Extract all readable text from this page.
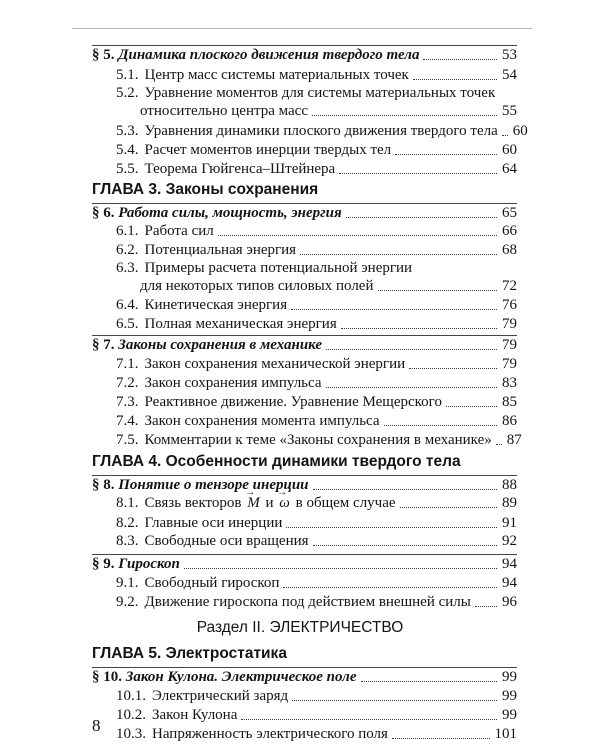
§ 5. Динамика плоского движения твердого тела	53
5.1. Центр масс системы материальных точек	54
5.2. Уравнение моментов для системы материальных точек
относительно центра масс	55
5.3. Уравнения динамики плоского движения твердого тела 60
5.4. Расчет моментов инерции твердых тел	60
5.5. Теорема Гюйгенса–Штейнера	64
ГЛАВА 3. Законы сохранения
§ 6. Работа силы, мощность, энергия	65
6.1. Работа сил	66
6.2. Потенциальная энергия	68
6.3. Примеры расчета потенциальной энергии
для некоторых типов силовых полей	72
6.4. Кинетическая энергия	76
6.5. Полная механическая энергия	79
§ 7. Законы сохранения в механике	79
7.1. Закон сохранения механической энергии	79
7.2. Закон сохранения импульса	83
7.3. Реактивное движение. Уравнение Мещерского	85
7.4. Закон сохранения момента импульса	86
7.5. Комментарии к теме «Законы сохранения в механике» 87
ГЛАВА 4. Особенности динамики твердого тела
§ 8. Понятие о тензоре инерции	88
8.1. Связь векторов → M и → ω в общем случае	89
8.2. Главные оси инерции	91
8.3. Свободные оси вращения	92
§ 9. Гироскоп	94
9.1. Свободный гироскоп	94
9.2. Движение гироскопа под действием внешней силы 96
Раздел II. ЭЛЕКТРИЧЕСТВО
ГЛАВА 5. Электростатика
§ 10. Закон Кулона. Электрическое поле	99
10.1. Электрический заряд	99
10.2. Закон Кулона	99
10.3. Напряженность электрического поля	101
8
